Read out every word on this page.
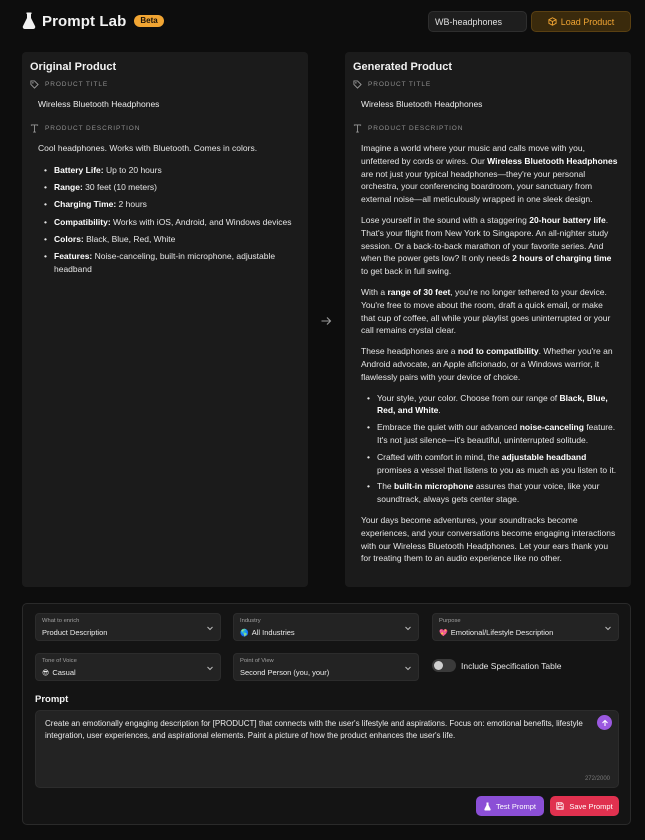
Prompt Lab	Beta
WB-headphones	Load Product
Original Product
PRODUCT TITLE
Wireless Bluetooth Headphones
PRODUCT DESCRIPTION

Cool headphones. Works with Bluetooth. Comes in colors.

• Battery Life: Up to 20 hours
• Range: 30 feet (10 meters)
• Charging Time: 2 hours
• Compatibility: Works with iOS, Android, and Windows devices
• Colors: Black, Blue, Red, White
• Features: Noise-canceling, built-in microphone, adjustable headband
Generated Product
PRODUCT TITLE
Wireless Bluetooth Headphones
PRODUCT DESCRIPTION

Imagine a world where your music and calls move with you, unfettered by cords or wires. Our Wireless Bluetooth Headphones are not just your typical headphones—they're your personal orchestra, your conferencing boardroom, your sanctuary from external noise—all meticulously wrapped in one sleek design.

Lose yourself in the sound with a staggering 20-hour battery life. That's your flight from New York to Singapore. An all-nighter study session. Or a back-to-back marathon of your favorite series. And when the power gets low? It only needs 2 hours of charging time to get back in full swing.

With a range of 30 feet, you're no longer tethered to your device. You're free to move about the room, draft a quick email, or make that cup of coffee, all while your playlist goes uninterrupted or your call remains crystal clear.

These headphones are a nod to compatibility. Whether you're an Android advocate, an Apple aficionado, or a Windows warrior, it flawlessly pairs with your device of choice.

• Your style, your color. Choose from our range of Black, Blue, Red, and White.
• Embrace the quiet with our advanced noise-canceling feature. It's not just silence—it's beautiful, uninterrupted solitude.
• Crafted with comfort in mind, the adjustable headband promises a vessel that listens to you as much as you listen to it.
• The built-in microphone assures that your voice, like your soundtrack, always gets center stage.

Your days become adventures, your soundtracks become experiences, and your conversations become engaging interactions with our Wireless Bluetooth Headphones. Let your ears thank you for treating them to an audio experience like no other.

What to enrich
Product Description
Industry
🌎 All Industries
Purpose
💖 Emotional/Lifestyle Description
Tone of Voice
😎 Casual
Point of View
Second Person (you, your)
Include Specification Table
Prompt
Create an emotionally engaging description for [PRODUCT] that connects with the user's lifestyle and aspirations. Focus on: emotional benefits, lifestyle integration, user experiences, and aspirational elements. Paint a picture of how the product enhances the user's life.
272/2000
Test Prompt	Save Prompt
